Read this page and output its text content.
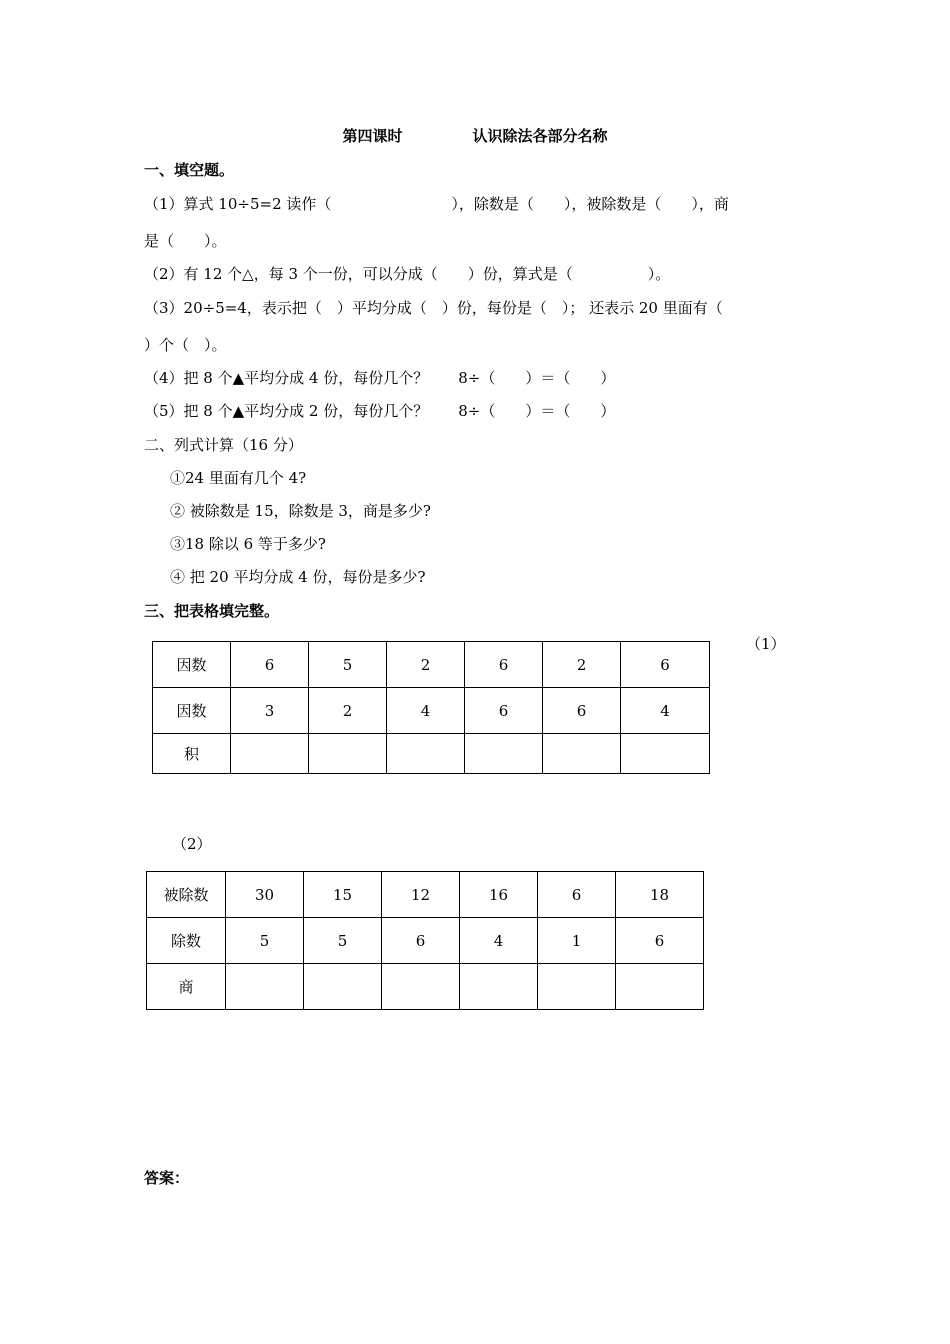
第四课时	认识除法各部分名称
一、填空题。
（1）算式 10÷5=2 读作（　　　　　　　　），除数是（　　），被除数是（　　），商
是（　　）。
（2）有 12 个△，每 3 个一份，可以分成（　　）份，算式是（　　　　　）。
（3）20÷5=4，表示把（　）平均分成（　）份，每份是（　）； 还表示 20 里面有（
）个（　）。
（4）把 8 个▲平均分成 4 份，每份几个？　　8÷（　　）＝（　　）
（5）把 8 个▲平均分成 2 份，每份几个？　　8÷（　　）＝（　　）
二、列式计算（16 分）
①24 里面有几个 4?
② 被除数是 15，除数是 3，商是多少?
③18 除以 6 等于多少?
④ 把 20 平均分成 4 份，每份是多少?
三、把表格填完整。
（1）
因数	6	5	2	6	2	6
因数	3	2	4	6	6	4
积						
（2）
被除数	30	15	12	16	6	18
除数	5	5	6	4	1	6
商						
答案：
